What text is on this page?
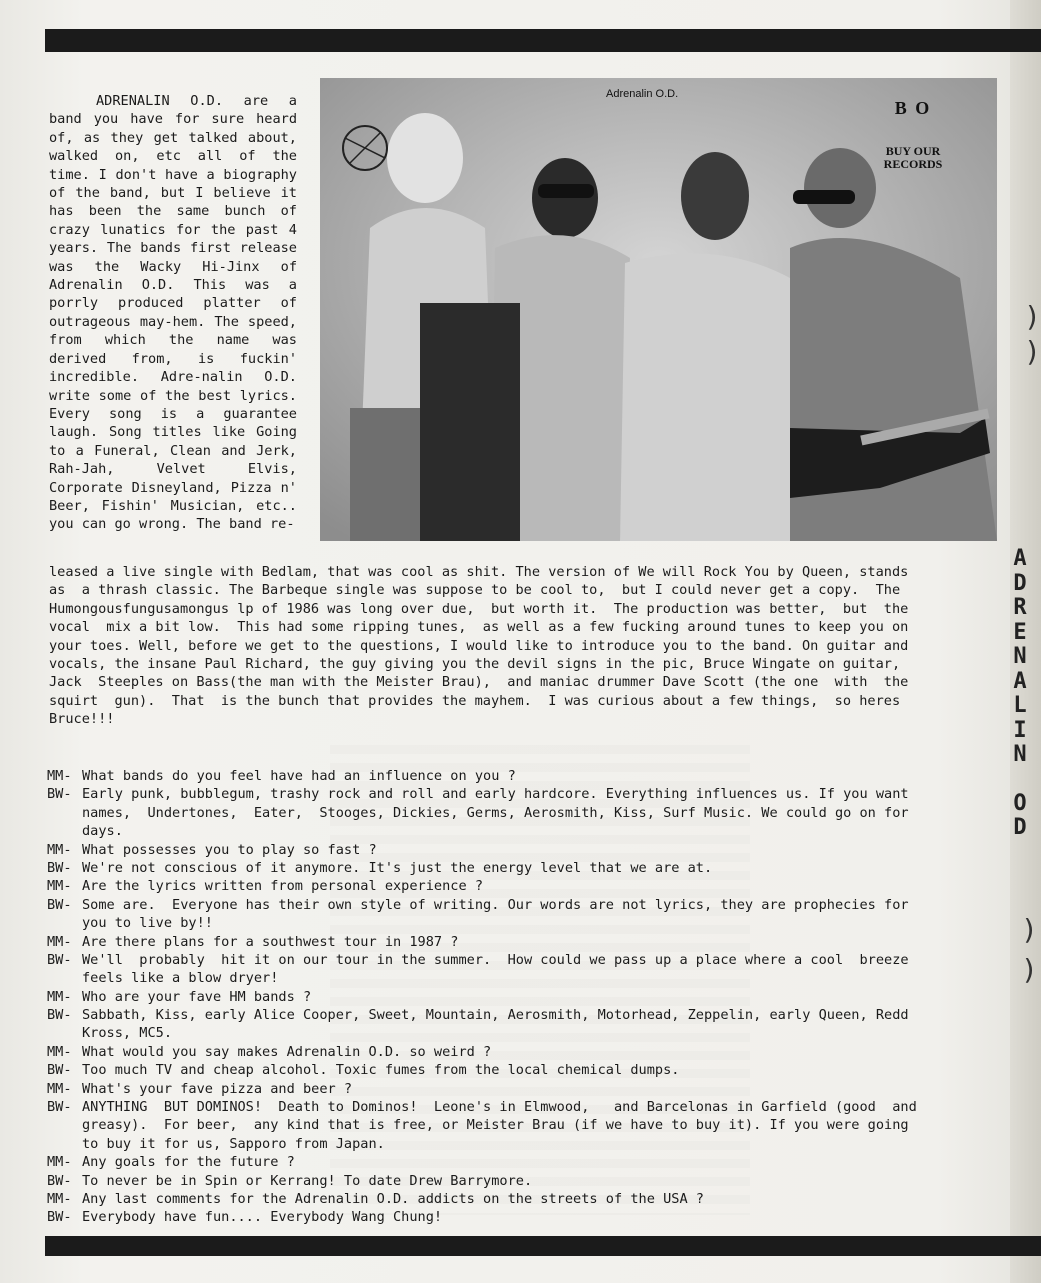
A
D
R
E
N
A
L
I
N
O
D
)
)
)
)
Adrenalin O.D.
B O
BUY OUR RECORDS

ADRENALIN O.D. are a band you have for sure heard of, as they get talked about, walked on, etc all of the time. I don't have a biography of the band, but I believe it has been the same bunch of crazy lunatics for the past 4 years. The bands first release was the Wacky Hi-Jinx of Adrenalin O.D. This was a porrly produced platter of outrageous may-hem. The speed, from which the name was derived from, is fuckin' incredible. Adre-nalin O.D. write some of the best lyrics. Every song is a guarantee laugh. Song titles like Going to a Funeral, Clean and Jerk, Rah-Jah, Velvet Elvis, Corporate Disneyland, Pizza n' Beer, Fishin' Musician, etc.. you can go wrong. The band re-

leased a live single with Bedlam, that was cool as shit. The version of We will Rock You by Queen, stands
as  a thrash classic. The Barbeque single was suppose to be cool to,  but I could never get a copy.  The
Humongousfungusamongus lp of 1986 was long over due,  but worth it.  The production was better,  but  the
vocal  mix a bit low.  This had some ripping tunes,  as well as a few fucking around tunes to keep you on
your toes. Well, before we get to the questions, I would like to introduce you to the band. On guitar and
vocals, the insane Paul Richard, the guy giving you the devil signs in the pic, Bruce Wingate on guitar,
Jack  Steeples on Bass(the man with the Meister Brau),  and maniac drummer Dave Scott (the one  with  the
squirt  gun).  That  is the bunch that provides the mayhem.  I was curious about a few things,  so heres
Bruce!!!
MM- What bands do you feel have had an influence on you ?
BW- Early punk, bubblegum, trashy rock and roll and early hardcore. Everything influences us. If you want
names,  Undertones,  Eater,  Stooges, Dickies, Germs, Aerosmith, Kiss, Surf Music. We could go on for
days.
MM- What possesses you to play so fast ?
BW- We're not conscious of it anymore. It's just the energy level that we are at.
MM- Are the lyrics written from personal experience ?
BW- Some are.  Everyone has their own style of writing. Our words are not lyrics, they are prophecies for
you to live by!!
MM- Are there plans for a southwest tour in 1987 ?
BW- We'll  probably  hit it on our tour in the summer.  How could we pass up a place where a cool  breeze
feels like a blow dryer!
MM- Who are your fave HM bands ?
BW- Sabbath, Kiss, early Alice Cooper, Sweet, Mountain, Aerosmith, Motorhead, Zeppelin, early Queen, Redd
Kross, MC5.
MM- What would you say makes Adrenalin O.D. so weird ?
BW- Too much TV and cheap alcohol. Toxic fumes from the local chemical dumps.
MM- What's your fave pizza and beer ?
BW- ANYTHING  BUT DOMINOS!  Death to Dominos!  Leone's in Elmwood,   and Barcelonas in Garfield (good  and
greasy).  For beer,  any kind that is free, or Meister Brau (if we have to buy it). If you were going
to buy it for us, Sapporo from Japan.
MM- Any goals for the future ?
BW- To never be in Spin or Kerrang! To date Drew Barrymore.
MM- Any last comments for the Adrenalin O.D. addicts on the streets of the USA ?
BW- Everybody have fun.... Everybody Wang Chung!
